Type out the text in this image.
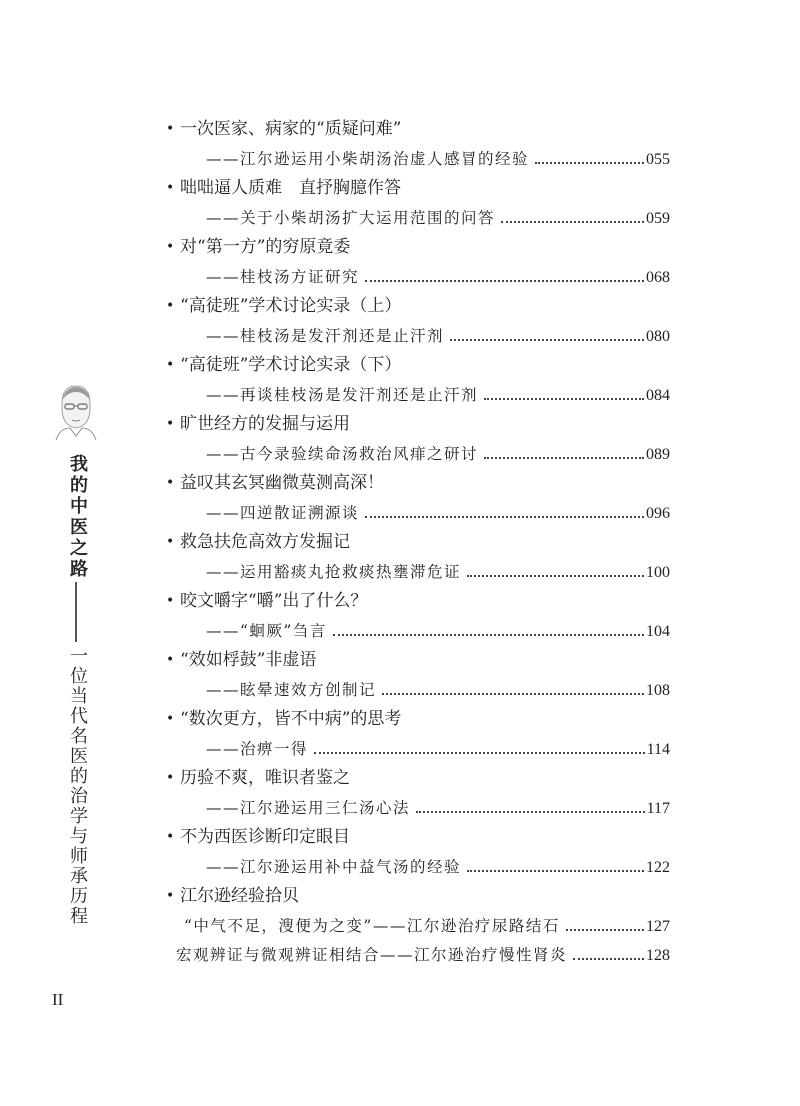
我的中医之路
一位当代名医的治学与师承历程
• 一次医家、病家的“质疑问难”
——江尔逊运用小柴胡汤治虚人感冒的经验	055
• 咄咄逼人质难　直抒胸臆作答
——关于小柴胡汤扩大运用范围的问答	059
• 对“第一方”的穷原竟委
——桂枝汤方证研究	068
• “高徒班”学术讨论实录（上）
——桂枝汤是发汗剂还是止汗剂	080
• “高徒班”学术讨论实录（下）
——再谈桂枝汤是发汗剂还是止汗剂	084
• 旷世经方的发掘与运用
——古今录验续命汤救治风痱之研讨	089
• 益叹其玄冥幽微莫测高深！
——四逆散证溯源谈	096
• 救急扶危高效方发掘记
——运用豁痰丸抢救痰热壅滞危证	100
• 咬文嚼字“嚼”出了什么？
——“蛔厥”刍言	104
• “效如桴鼓”非虚语
——眩晕速效方创制记	108
• “数次更方，皆不中病”的思考
——治痹一得	114
• 历验不爽，唯识者鉴之
——江尔逊运用三仁汤心法	117
• 不为西医诊断印定眼目
——江尔逊运用补中益气汤的经验	122
• 江尔逊经验拾贝
“中气不足，溲便为之变”——江尔逊治疗尿路结石	127
宏观辨证与微观辨证相结合——江尔逊治疗慢性肾炎	128
II
